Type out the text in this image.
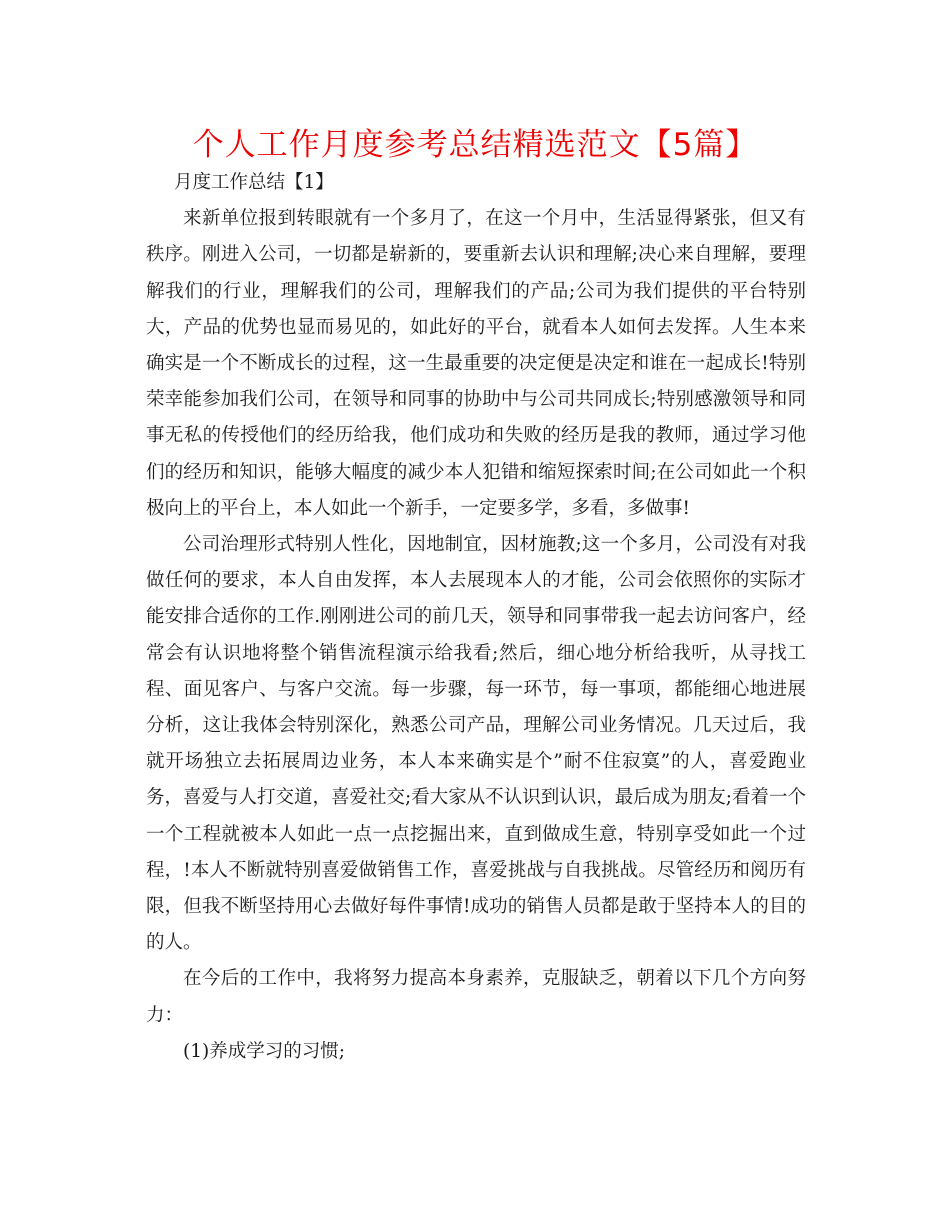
个人工作月度参考总结精选范文【5篇】

月度工作总结【1】

来新单位报到转眼就有一个多月了，在这一个月中，生活显得紧张，但又有秩序。刚进入公司，一切都是崭新的，要重新去认识和理解;决心来自理解，要理解我们的行业，理解我们的公司，理解我们的产品;公司为我们提供的平台特别大，产品的优势也显而易见的，如此好的平台，就看本人如何去发挥。人生本来确实是一个不断成长的过程，这一生最重要的决定便是决定和谁在一起成长!特别荣幸能参加我们公司，在领导和同事的协助中与公司共同成长;特别感激领导和同事无私的传授他们的经历给我，他们成功和失败的经历是我的教师，通过学习他们的经历和知识，能够大幅度的减少本人犯错和缩短探索时间;在公司如此一个积极向上的平台上，本人如此一个新手，一定要多学，多看，多做事!

公司治理形式特别人性化，因地制宜，因材施教;这一个多月，公司没有对我做任何的要求，本人自由发挥，本人去展现本人的才能，公司会依照你的实际才能安排合适你的工作.刚刚进公司的前几天，领导和同事带我一起去访问客户，经常会有认识地将整个销售流程演示给我看;然后，细心地分析给我听，从寻找工程、面见客户、与客户交流。每一步骤，每一环节，每一事项，都能细心地进展分析，这让我体会特别深化，熟悉公司产品，理解公司业务情况。几天过后，我就开场独立去拓展周边业务，本人本来确实是个”耐不住寂寞”的人，喜爱跑业务，喜爱与人打交道，喜爱社交;看大家从不认识到认识，最后成为朋友;看着一个一个工程就被本人如此一点一点挖掘出来，直到做成生意，特别享受如此一个过程，!本人不断就特别喜爱做销售工作，喜爱挑战与自我挑战。尽管经历和阅历有限，但我不断坚持用心去做好每件事情!成功的销售人员都是敢于坚持本人的目的的人。

在今后的工作中，我将努力提高本身素养，克服缺乏，朝着以下几个方向努力：

(1)养成学习的习惯;
